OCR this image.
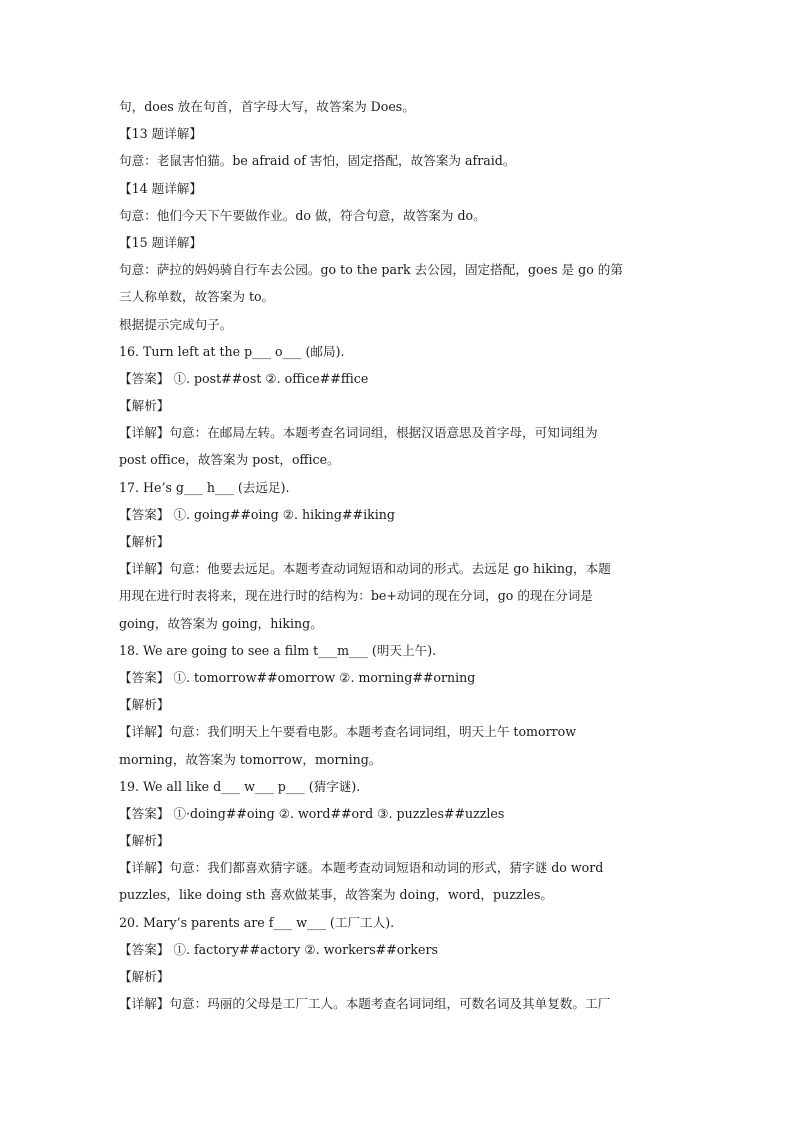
句，does 放在句首，首字母大写，故答案为 Does。
【13 题详解】
句意：老鼠害怕猫。be afraid of 害怕，固定搭配，故答案为 afraid。
【14 题详解】
句意：他们今天下午要做作业。do 做，符合句意，故答案为 do。
【15 题详解】
句意：萨拉的妈妈骑自行车去公园。go to the park 去公园，固定搭配，goes 是 go 的第
三人称单数，故答案为 to。
根据提示完成句子。
16. Turn left at the p___ o___ (邮局).
【答案】 ①. post##ost ②. office##ffice
【解析】
【详解】句意：在邮局左转。本题考查名词词组，根据汉语意思及首字母，可知词组为
post office，故答案为 post，office。
17. He’s g___ h___ (去远足).
【答案】 ①. going##oing ②. hiking##iking
【解析】
【详解】句意：他要去远足。本题考查动词短语和动词的形式。去远足 go hiking，本题
用现在进行时表将来，现在进行时的结构为：be+动词的现在分词，go 的现在分词是
going，故答案为 going，hiking。
18. We are going to see a film t___m___ (明天上午).
【答案】 ①. tomorrow##omorrow ②. morning##orning
【解析】
【详解】句意：我们明天上午要看电影。本题考查名词词组，明天上午 tomorrow
morning，故答案为 tomorrow，morning。
19. We all like d___ w___ p___ (猜字谜).
【答案】 ①·doing##oing ②. word##ord ③. puzzles##uzzles
【解析】
【详解】句意：我们都喜欢猜字谜。本题考查动词短语和动词的形式，猜字谜 do word
puzzles，like doing sth 喜欢做某事，故答案为 doing，word，puzzles。
20. Mary’s parents are f___ w___ (工厂工人).
【答案】 ①. factory##actory ②. workers##orkers
【解析】
【详解】句意：玛丽的父母是工厂工人。本题考查名词词组，可数名词及其单复数。工厂
